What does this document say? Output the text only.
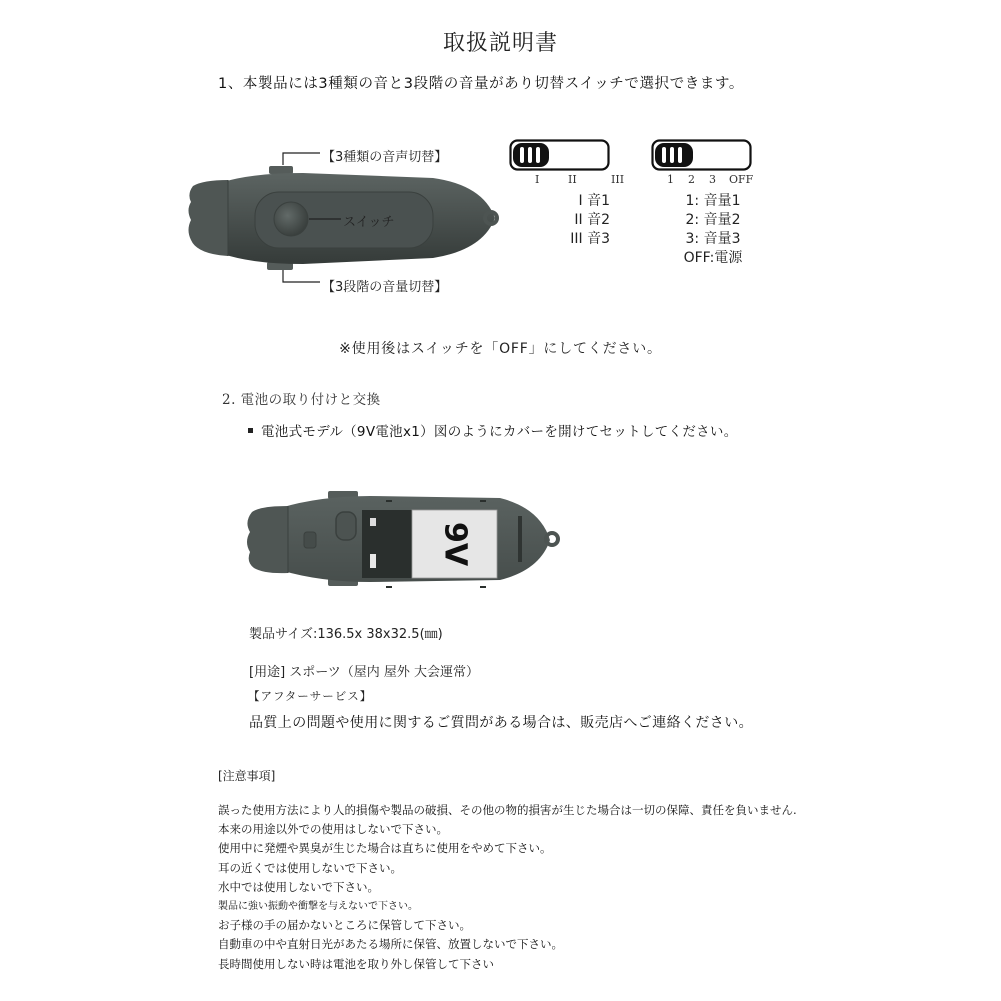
取扱説明書
1、本製品には3種類の音と3段階の音量があり切替スイッチで選択できます。
【3種類の音声切替】
【3段階の音量切替】
スイッチ
I	II	III
I 音1
II 音2
III 音3
1 2 3 OFF
1: 音量1
2: 音量2
3: 音量3
OFF:電源
※使用後はスイッチを「OFF」にしてください。
2. 電池の取り付けと交換
電池式モデル（9V電池x1）図のようにカバーを開けてセットしてください。
9V
製品サイズ:136.5x 38x32.5(㎜)
[用途] スポーツ（屋内 屋外 大会運常）
【アフターサービス】
品質上の問題や使用に関するご質問がある場合は、販売店へご連絡ください。
[注意事項]
誤った使用方法により人的損傷や製品の破損、その他の物的損害が生じた場合は一切の保障、責任を負いません.
本来の用途以外での使用はしないで下さい。
使用中に発煙や異臭が生じた場合は直ちに使用をやめて下さい。
耳の近くでは使用しないで下さい。
水中では使用しないで下さい。
製品に強い振動や衝撃を与えないで下さい。
お子様の手の届かないところに保管して下さい。
自動車の中や直射日光があたる場所に保管、放置しないで下さい。
長時間使用しない時は電池を取り外し保管して下さい
